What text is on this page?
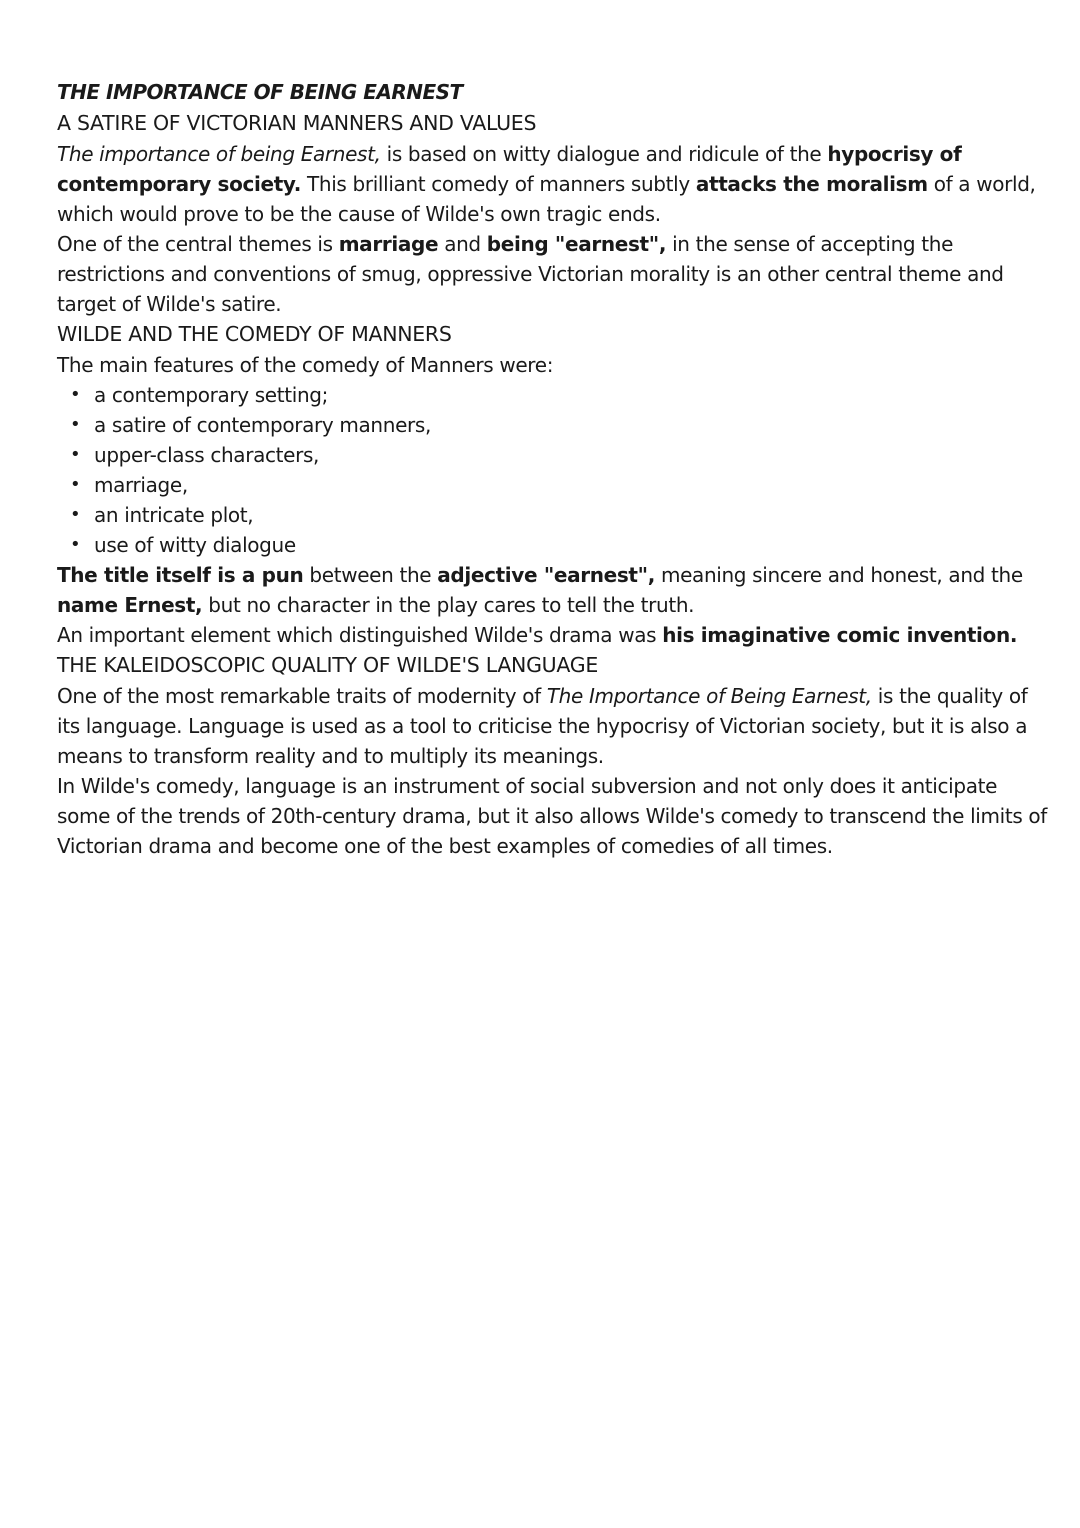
THE IMPORTANCE OF BEING EARNEST
A SATIRE OF VICTORIAN MANNERS AND VALUES

The importance of being Earnest, is based on witty dialogue and ridicule of the hypocrisy of contemporary society. This brilliant comedy of manners subtly attacks the moralism of a world, which would prove to be the cause of Wilde's own tragic ends.

One of the central themes is marriage and being "earnest", in the sense of accepting the restrictions and conventions of smug, oppressive Victorian morality is an other central theme and target of Wilde's satire.

WILDE AND THE COMEDY OF MANNERS

The main features of the comedy of Manners were:

• a contemporary setting;
• a satire of contemporary manners,
• upper-class characters,
• marriage,
• an intricate plot,
• use of witty dialogue

The title itself is a pun between the adjective "earnest", meaning sincere and honest, and the name Ernest, but no character in the play cares to tell the truth.

An important element which distinguished Wilde's drama was his imaginative comic invention.

THE KALEIDOSCOPIC QUALITY OF WILDE'S LANGUAGE

One of the most remarkable traits of modernity of The Importance of Being Earnest, is the quality of its language. Language is used as a tool to criticise the hypocrisy of Victorian society, but it is also a means to transform reality and to multiply its meanings.

In Wilde's comedy, language is an instrument of social subversion and not only does it anticipate some of the trends of 20th-century drama, but it also allows Wilde's comedy to transcend the limits of Victorian drama and become one of the best examples of comedies of all times.
